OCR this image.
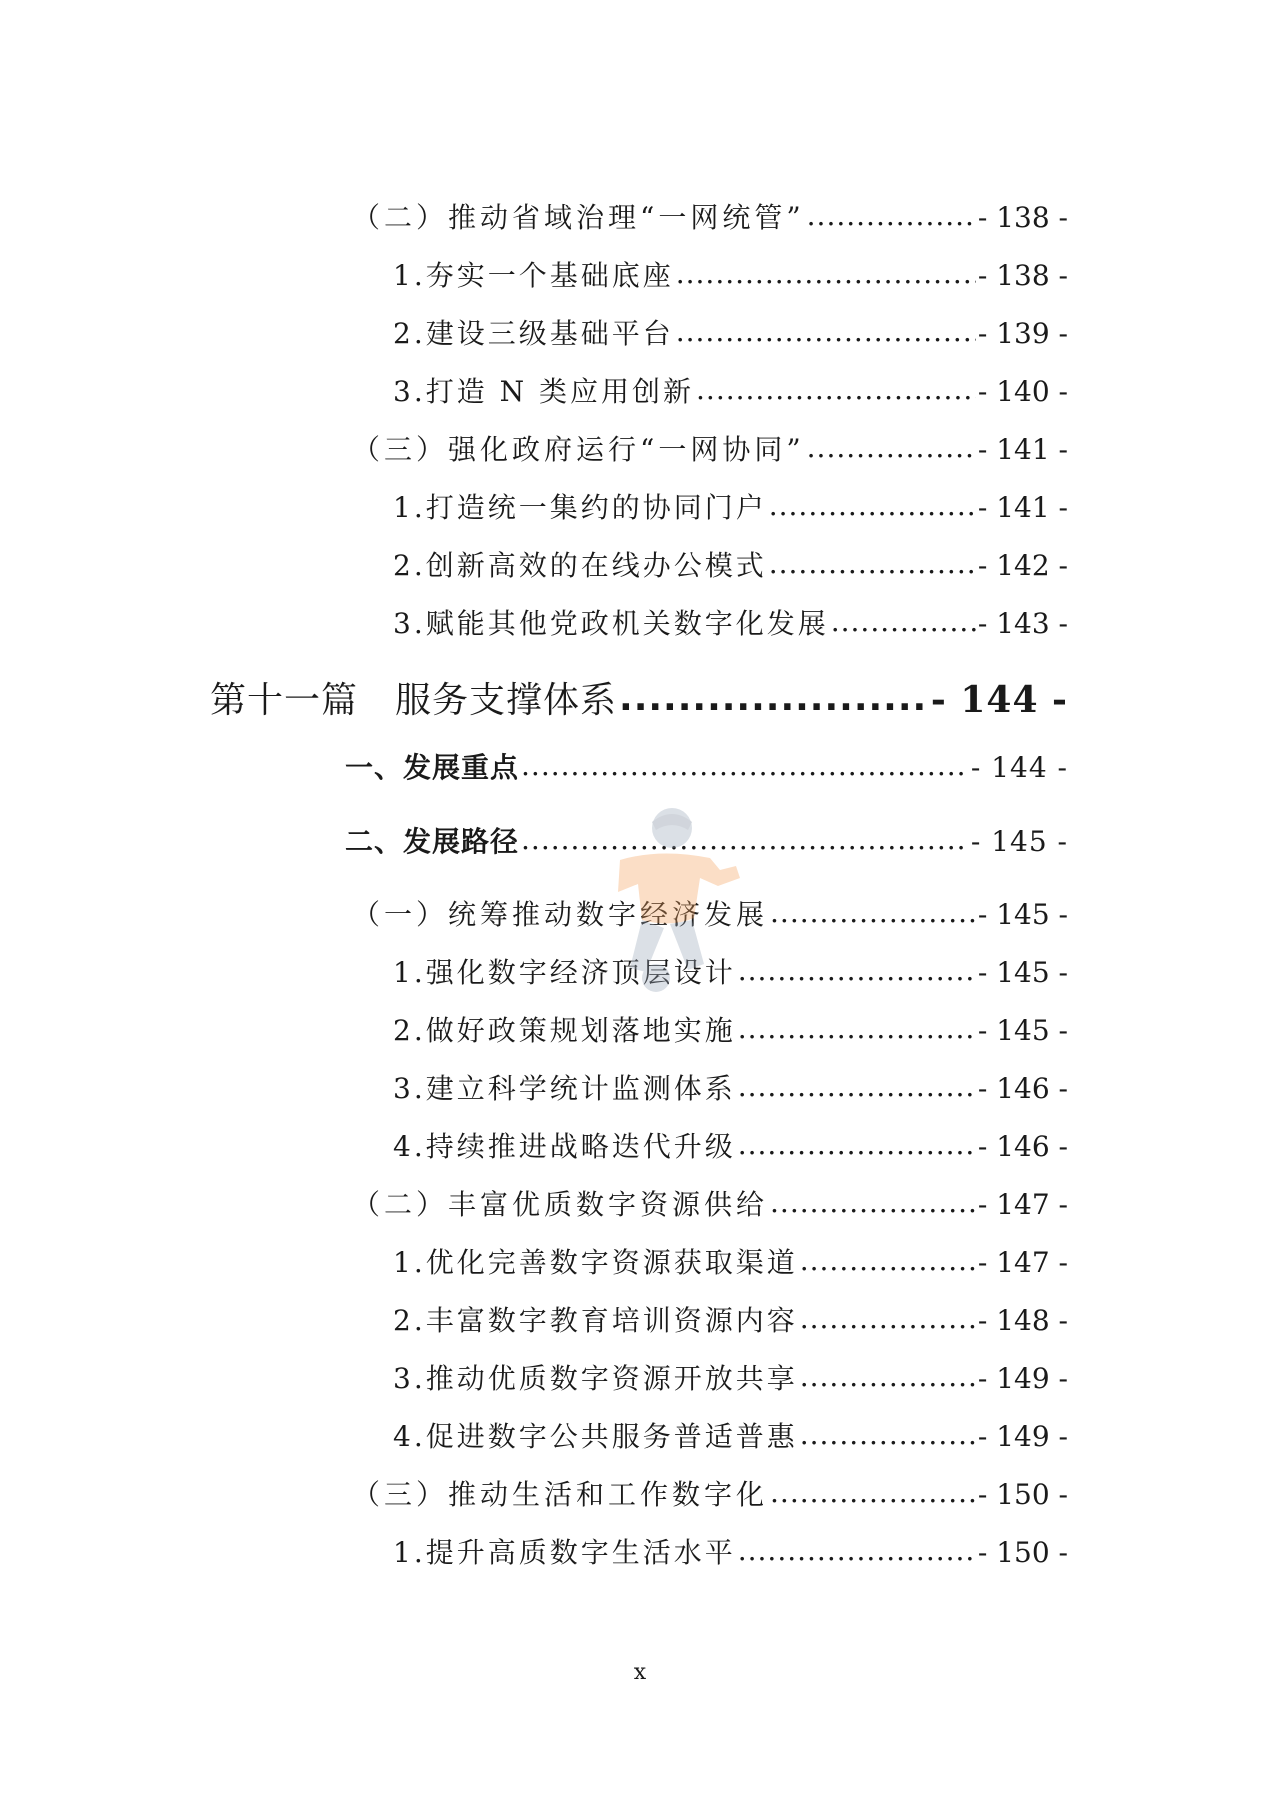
（二）推动省域治理“一网统管” .....	- 138 -
1.夯实一个基础底座 .....	- 138 -
2.建设三级基础平台 .....	- 139 -
3.打造 N 类应用创新 .....	- 140 -
（三）强化政府运行“一网协同” .....	- 141 -
1.打造统一集约的协同门户 .....	- 141 -
2.创新高效的在线办公模式 .....	- 142 -
3.赋能其他党政机关数字化发展 .....	- 143 -
第十一篇　服务支撑体系 .....	- 144 -
一、发展重点 .....	- 144 -
二、发展路径 .....	- 145 -
（一）统筹推动数字经济发展 .....	- 145 -
1.强化数字经济顶层设计 .....	- 145 -
2.做好政策规划落地实施 .....	- 145 -
3.建立科学统计监测体系 .....	- 146 -
4.持续推进战略迭代升级 .....	- 146 -
（二）丰富优质数字资源供给 .....	- 147 -
1.优化完善数字资源获取渠道 .....	- 147 -
2.丰富数字教育培训资源内容 .....	- 148 -
3.推动优质数字资源开放共享 .....	- 149 -
4.促进数字公共服务普适普惠 .....	- 149 -
（三）推动生活和工作数字化 .....	- 150 -
1.提升高质数字生活水平 .....	- 150 -
x
